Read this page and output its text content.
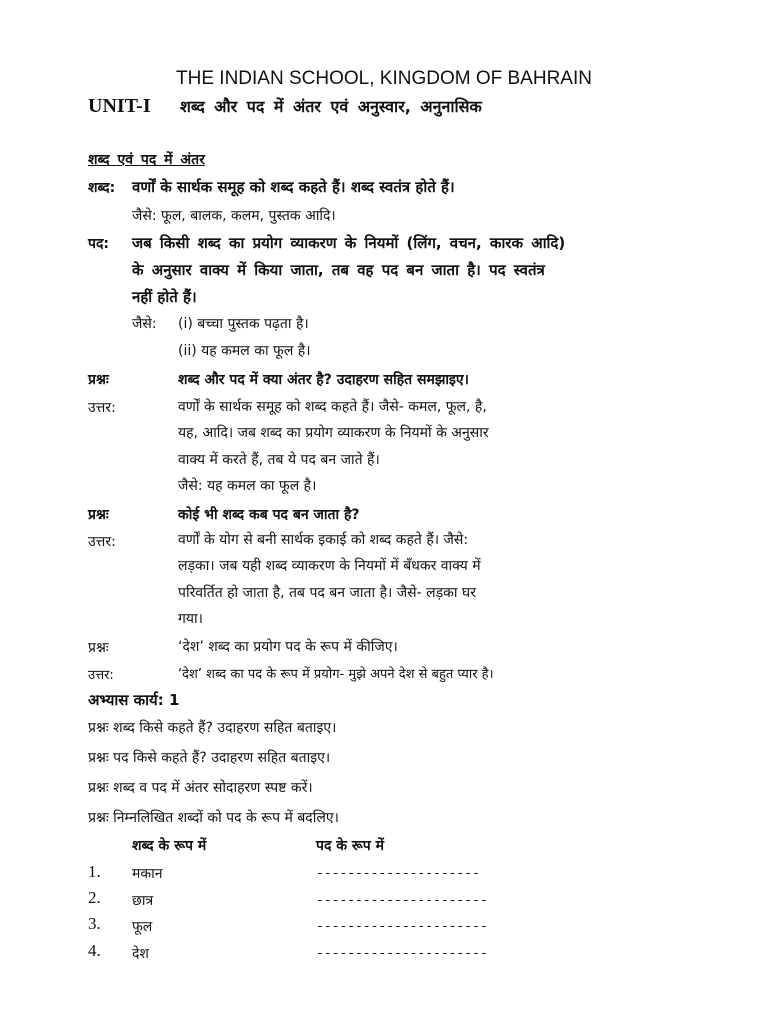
THE INDIAN SCHOOL, KINGDOM OF BAHRAIN
UNIT-I शब्द और पद में अंतर एवं अनुस्वार, अनुनासिक
शब्द एवं पद में अंतर
शब्द: वर्णों के सार्थक समूह को शब्द कहते हैं। शब्द स्वतंत्र होते हैं।
जैसे: फूल, बालक, कलम, पुस्तक आदि।
पद: जब किसी शब्द का प्रयोग व्याकरण के नियमों (लिंग, वचन, कारक आदि)
के अनुसार वाक्य में किया जाता, तब वह पद बन जाता है। पद स्वतंत्र
नहीं होते हैं।
जैसे: (i) बच्चा पुस्तक पढ़ता है।
(ii) यह कमल का फूल है।
प्रश्नः	शब्द और पद में क्या अंतर है? उदाहरण सहित समझाइए।
उत्तर:	वर्णों के सार्थक समूह को शब्द कहते हैं। जैसे- कमल, फूल, है,
यह, आदि। जब शब्द का प्रयोग व्याकरण के नियमों के अनुसार
वाक्य में करते हैं, तब ये पद बन जाते हैं।
जैसे: यह कमल का फूल है।
प्रश्नः	कोई भी शब्द कब पद बन जाता है?
उत्तर:	वर्णों के योग से बनी सार्थक इकाई को शब्द कहते हैं। जैसे:
लड़का। जब यही शब्द व्याकरण के नियमों में बँधकर वाक्य में
परिवर्तित हो जाता है, तब पद बन जाता है। जैसे- लड़का घर
गया।
प्रश्नः	‘देश’ शब्द का प्रयोग पद के रूप में कीजिए।
उत्तर:	‘देश’ शब्द का पद के रूप में प्रयोग- मुझे अपने देश से बहुत प्यार है।
अभ्यास कार्य: 1
प्रश्नः शब्द किसे कहते हैं? उदाहरण सहित बताइए।
प्रश्नः पद किसे कहते हैं? उदाहरण सहित बताइए।
प्रश्नः शब्द व पद में अंतर सोदाहरण स्पष्ट करें।
प्रश्नः निम्नलिखित शब्दों को पद के रूप में बदलिए।
शब्द के रूप में	पद के रूप में
1. मकान	---------------------
2. छात्र	----------------------
3. फूल	----------------------
4. देश	----------------------
